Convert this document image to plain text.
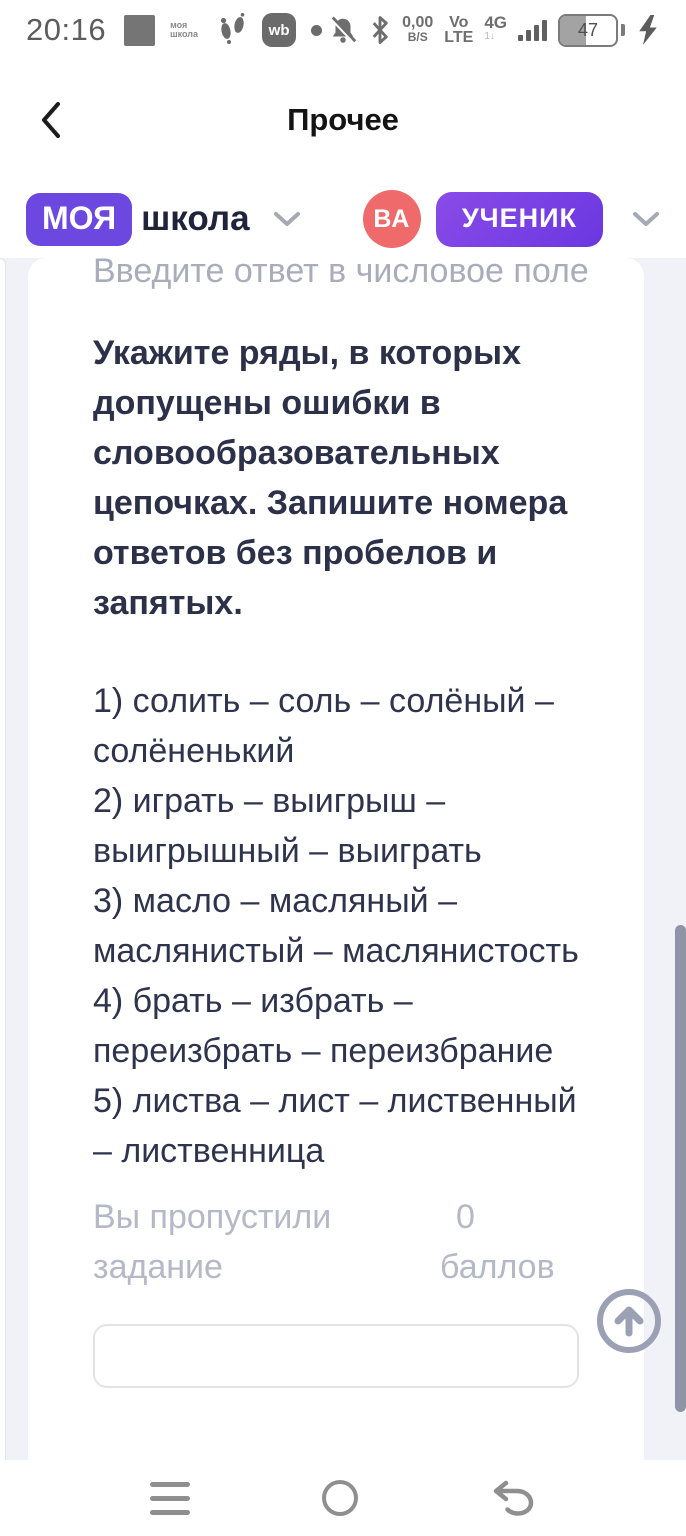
20:16	моя школа	wb	0,00
B/S
Vo
LTE
4G
1↓	47
Прочее
МОЯ школа	ВА	УЧЕНИК
Введите ответ в числовое поле
Укажите ряды, в которых допущены ошибки в словообразовательных цепочках. Запишите номера ответов без пробелов и запятых.
1) солить – соль – солёный – солёненький
2) играть – выигрыш – выигрышный – выиграть
3) масло – масляный – маслянистый – маслянистость
4) брать – избрать – переизбрать – переизбрание
5) листва – лист – лиственный – лиственница
Вы пропустили задание
0
баллов
